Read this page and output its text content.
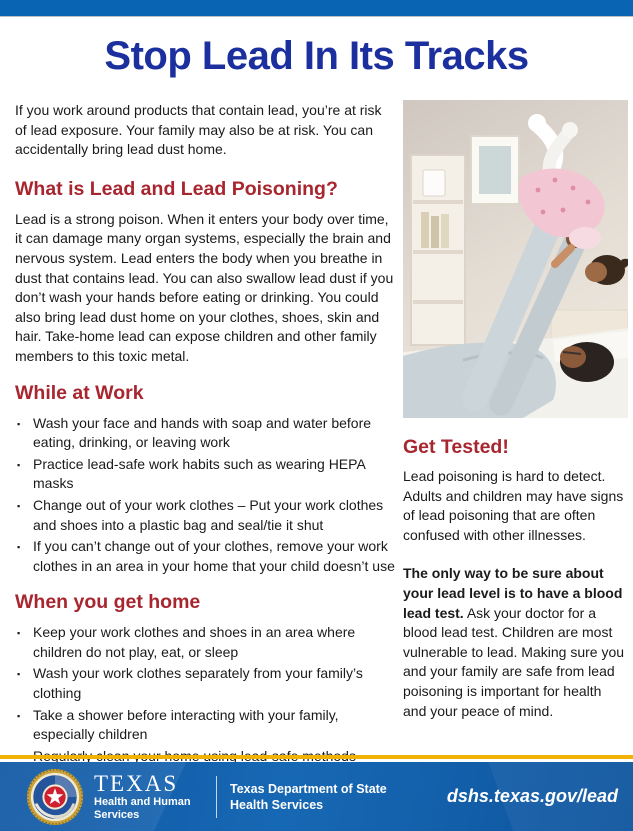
Stop Lead In Its Tracks

If you work around products that contain lead, you’re at risk of lead exposure. Your family may also be at risk. You can accidentally bring lead dust home.

What is Lead and Lead Poisoning?

Lead is a strong poison. When it enters your body over time, it can damage many organ systems, especially the brain and nervous system. Lead enters the body when you breathe in dust that contains lead. You can also swallow lead dust if you don’t wash your hands before eating or drinking. You could also bring lead dust home on your clothes, shoes, skin and hair. Take-home lead can expose children and other family members to this toxic metal.

While at Work
▪ Wash your face and hands with soap and water before eating, drinking, or leaving work
▪ Practice lead-safe work habits such as wearing HEPA masks
▪ Change out of your work clothes – Put your work clothes and shoes into a plastic bag and seal/tie it shut
▪ If you can’t change out of your clothes, remove your work clothes in an area in your home that your child doesn’t use
When you get home
▪ Keep your work clothes and shoes in an area where children do not play, eat, or sleep
▪ Wash your work clothes separately from your family’s clothing
▪ Take a shower before interacting with your family, especially children
Get Tested!

Lead poisoning is hard to detect. Adults and children may have signs of lead poisoning that are often confused with other illnesses.

The only way to be sure about your lead level is to have a blood lead test. Ask your doctor for a blood lead test. Children are most vulnerable to lead. Making sure you and your family are safe from lead poisoning is important for health and your peace of mind.

TEXAS
Health and Human Services
Texas Department of State
Health Services	dshs.texas.gov/lead
